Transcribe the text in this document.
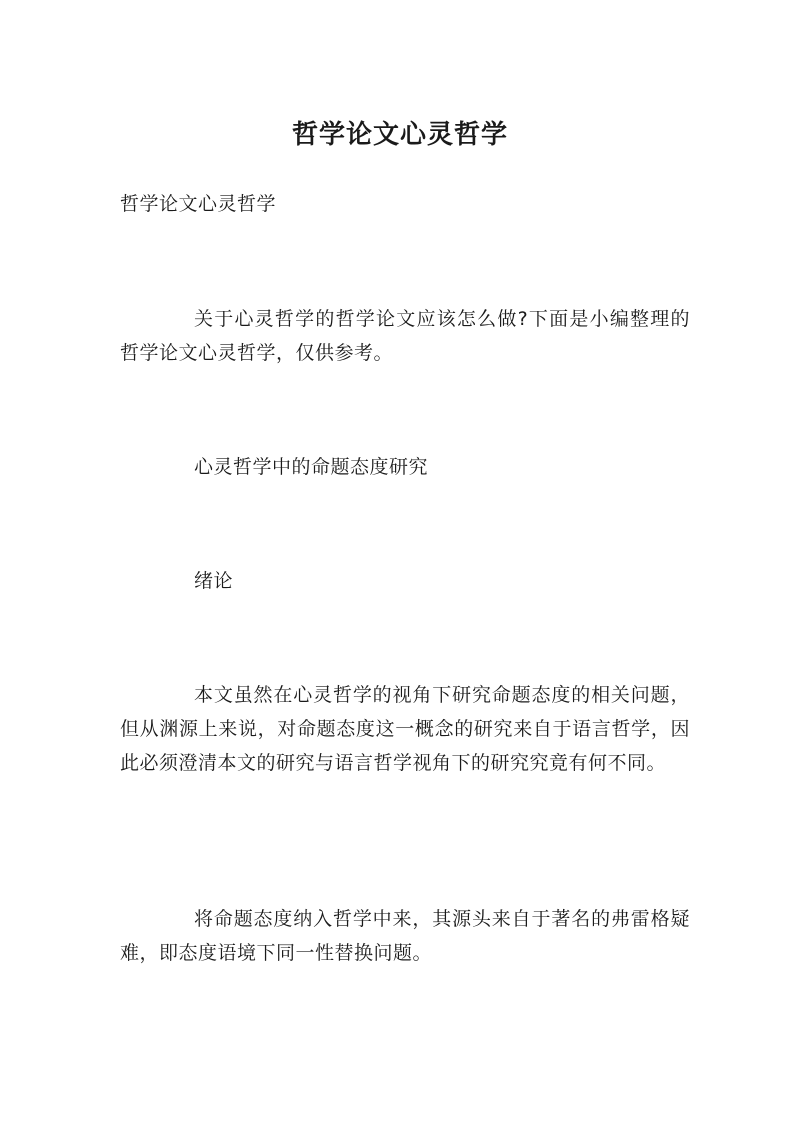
哲学论文心灵哲学

哲学论文心灵哲学

关于心灵哲学的哲学论文应该怎么做?下面是小编整理的哲学论文心灵哲学，仅供参考。

心灵哲学中的命题态度研究

绪论

本文虽然在心灵哲学的视角下研究命题态度的相关问题，但从渊源上来说，对命题态度这一概念的研究来自于语言哲学，因此必须澄清本文的研究与语言哲学视角下的研究究竟有何不同。

将命题态度纳入哲学中来，其源头来自于著名的弗雷格疑难，即态度语境下同一性替换问题。
